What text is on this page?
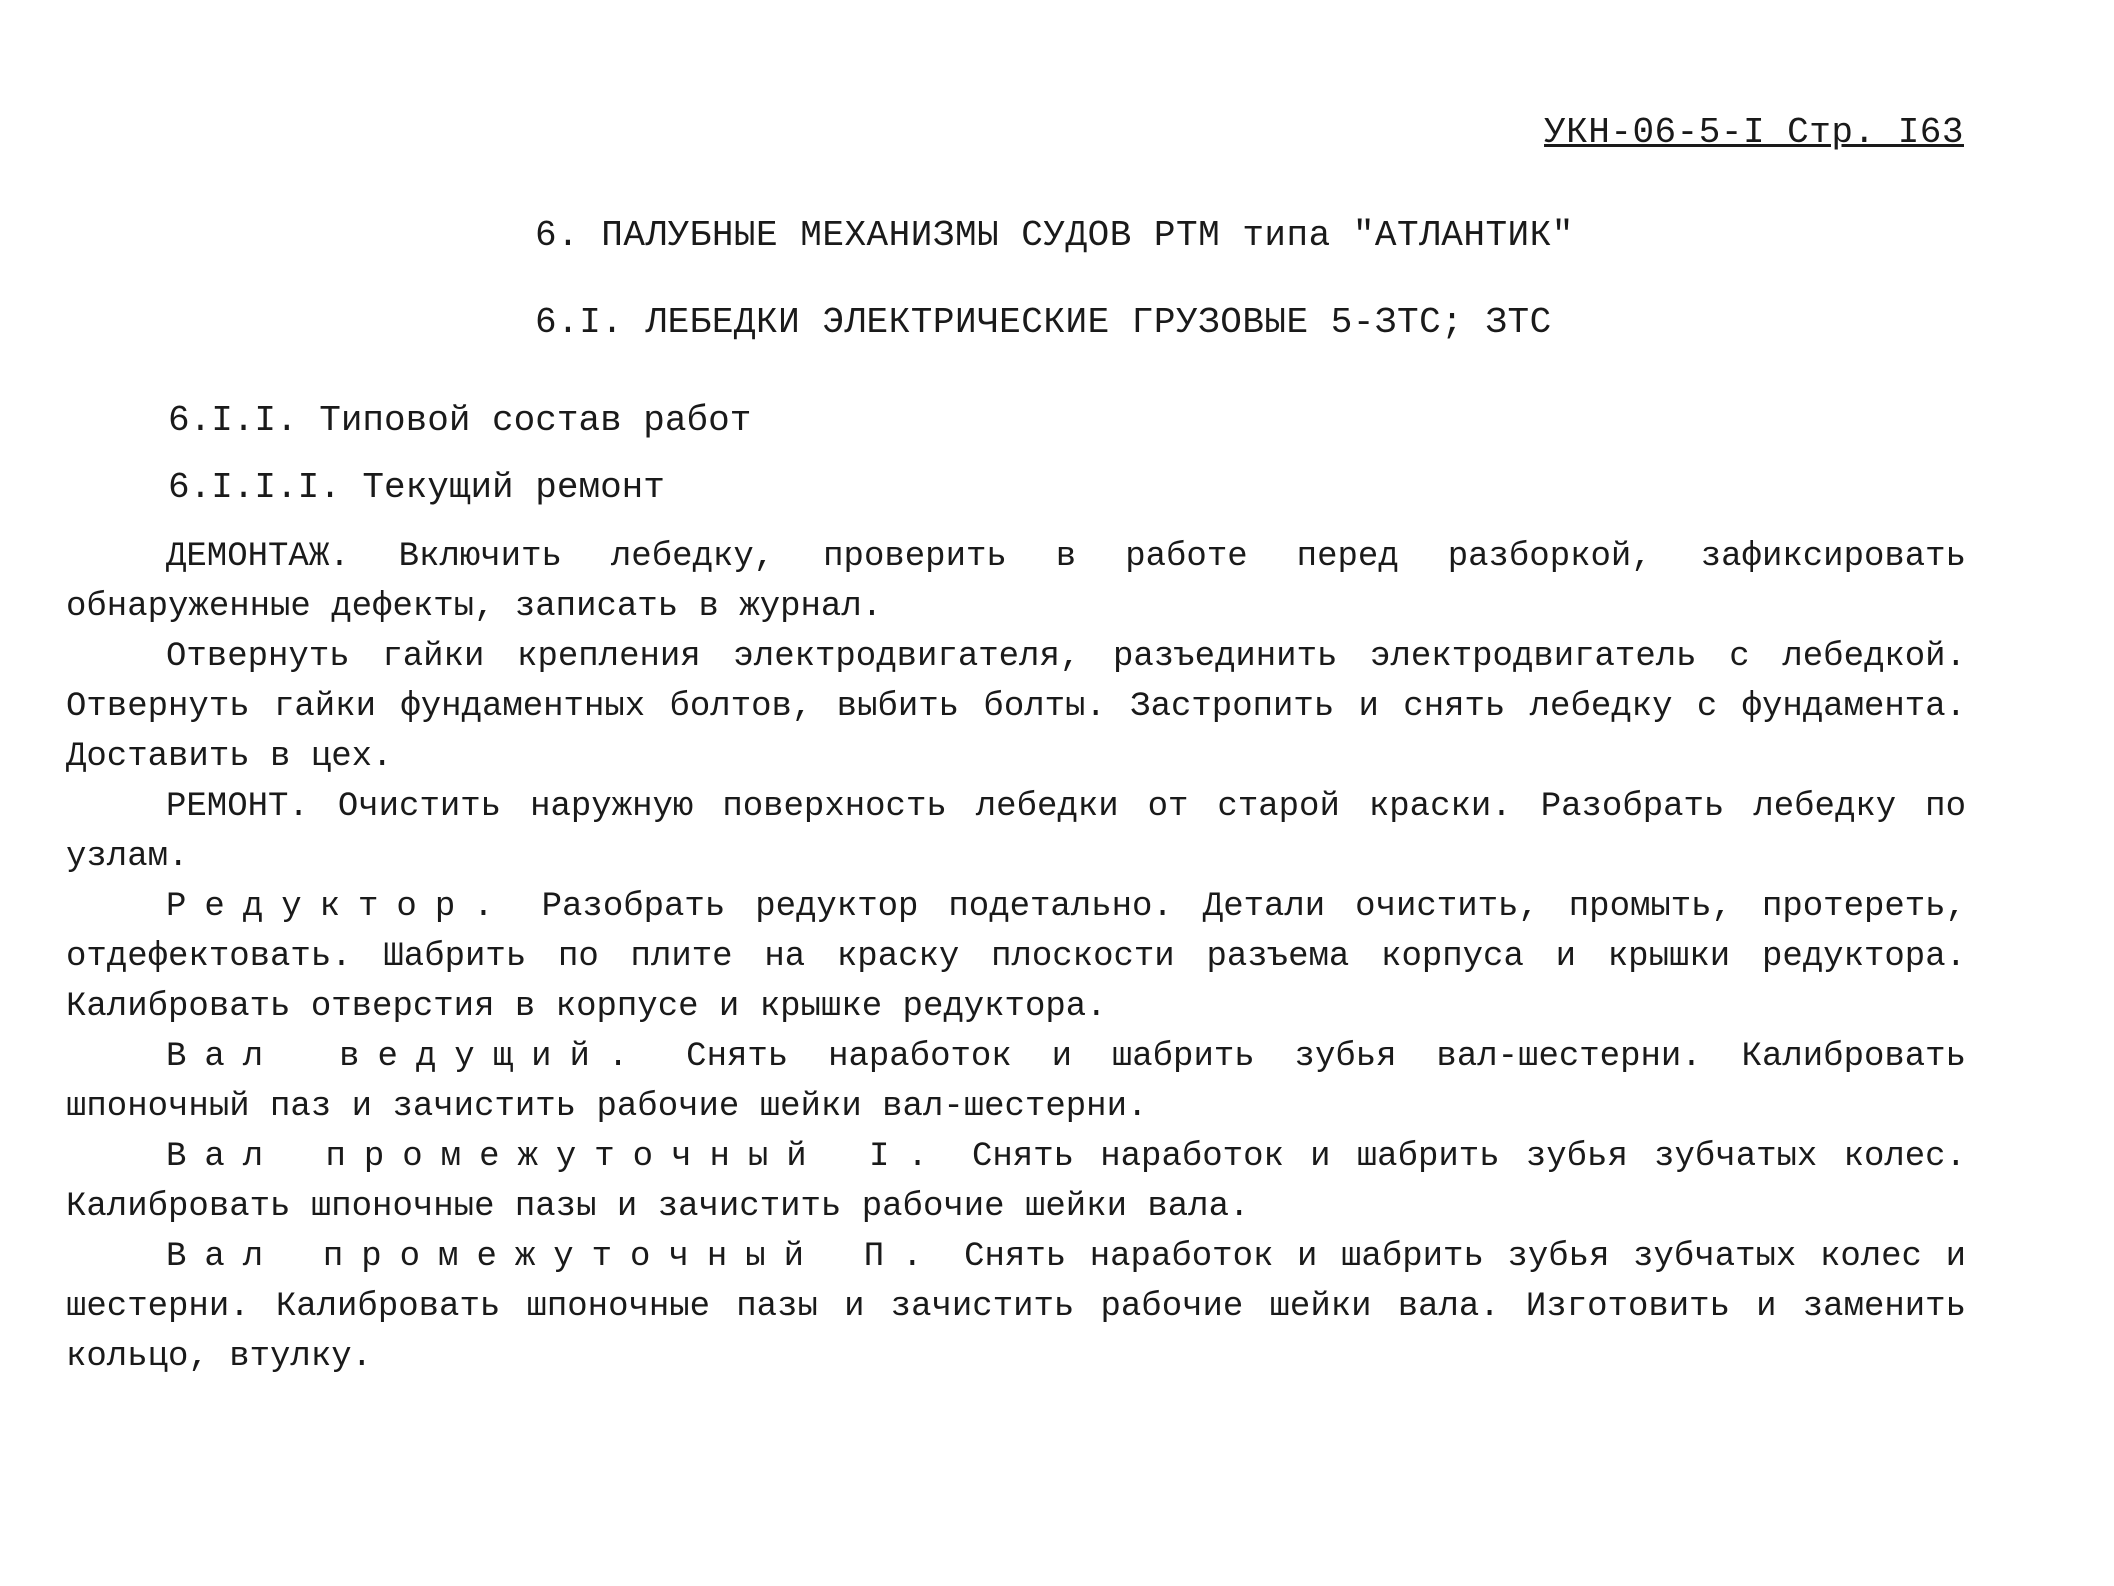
УКН-06-5-I Стр. I63
6. ПАЛУБНЫЕ МЕХАНИЗМЫ СУДОВ РТМ типа "АТЛАНТИК"
6.I. ЛЕБЕДКИ ЭЛЕКТРИЧЕСКИЕ ГРУЗОВЫЕ 5-ЗТС; ЗТС
6.I.I. Типовой состав работ
6.I.I.I. Текущий ремонт

ДЕМОНТАЖ. Включить лебедку, проверить в работе перед разборкой, зафиксировать обнаруженные дефекты, записать в журнал.

Отвернуть гайки крепления электродвигателя, разъединить электродвигатель с лебедкой. Отвернуть гайки фундаментных болтов, выбить болты. Застропить и снять лебедку с фундамента. Доставить в цех.

РЕМОНТ. Очистить наружную поверхность лебедки от старой краски. Разобрать лебедку по узлам.

Редуктор. Разобрать редуктор подетально. Детали очистить, промыть, протереть, отдефектовать. Шабрить по плите на краску плоскости разъема корпуса и крышки редуктора. Калибровать отверстия в корпусе и крышке редуктора.

Вал ведущий. Снять наработок и шабрить зубья вал-шестерни. Калибровать шпоночный паз и зачистить рабочие шейки вал-шестерни.

Вал промежуточный I. Снять наработок и шабрить зубья зубчатых колес. Калибровать шпоночные пазы и зачистить рабочие шейки вала.

Вал промежуточный П. Снять наработок и шабрить зубья зубчатых колес и шестерни. Калибровать шпоночные пазы и зачистить рабочие шейки вала. Изготовить и заменить кольцо, втулку.
